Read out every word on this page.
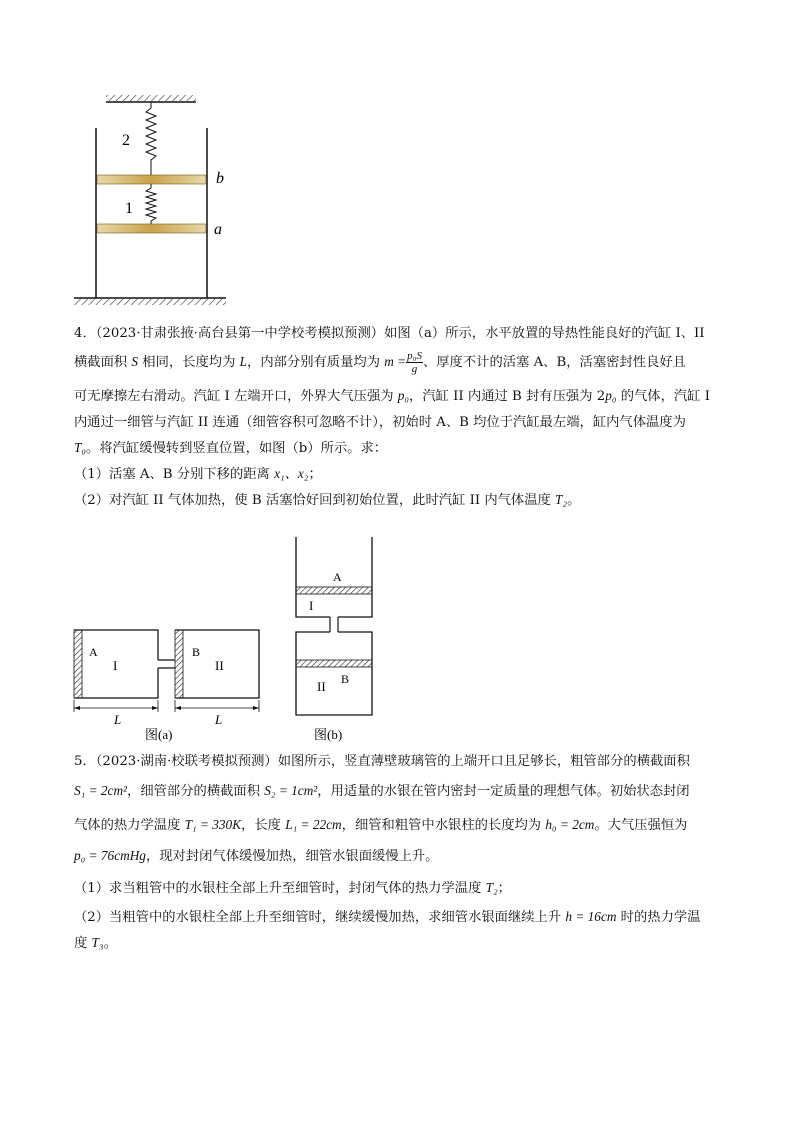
2
1
b
a
4．（2023·甘肃张掖·高台县第一中学校考模拟预测）如图（a）所示，水平放置的导热性能良好的汽缸 I、II
横截面积 S 相同，长度均为 L，内部分别有质量均为 $m = \frac{\text{p₀S}}{g}$ 、厚度不计的活塞 A、B，活塞密封性良好且
可无摩擦左右滑动。汽缸 I 左端开口，外界大气压强为 p₀，汽缸 II 内通过 B 封有压强为 2p₀ 的气体，汽缸 I
内通过一细管与汽缸 II 连通（细管容积可忽略不计），初始时 A、B 均位于汽缸最左端，缸内气体温度为
T₀。将汽缸缓慢转到竖直位置，如图（b）所示。求：
（1）活塞 A、B 分别下移的距离 x₁、x₂；
（2）对汽缸 II 气体加热，使 B 活塞恰好回到初始位置，此时汽缸 II 内气体温度 T₂。
A
I
B
II
L	L
图(a)
A
I
II B
图(b)
5．（2023·湖南·校联考模拟预测）如图所示，竖直薄壁玻璃管的上端开口且足够长，粗管部分的横截面积
S₁ = 2cm²，细管部分的横截面积 S₂ = 1cm²，用适量的水银在管内密封一定质量的理想气体。初始状态封闭
气体的热力学温度 T₁ = 330K，长度 L₁ = 22cm，细管和粗管中水银柱的长度均为 h₀ = 2cm。大气压强恒为
p₀ = 76cmHg，现对封闭气体缓慢加热，细管水银面缓慢上升。
（1）求当粗管中的水银柱全部上升至细管时，封闭气体的热力学温度 T₂；
（2）当粗管中的水银柱全部上升至细管时，继续缓慢加热，求细管水银面继续上升 h = 16cm 时的热力学温
度 T₃。
